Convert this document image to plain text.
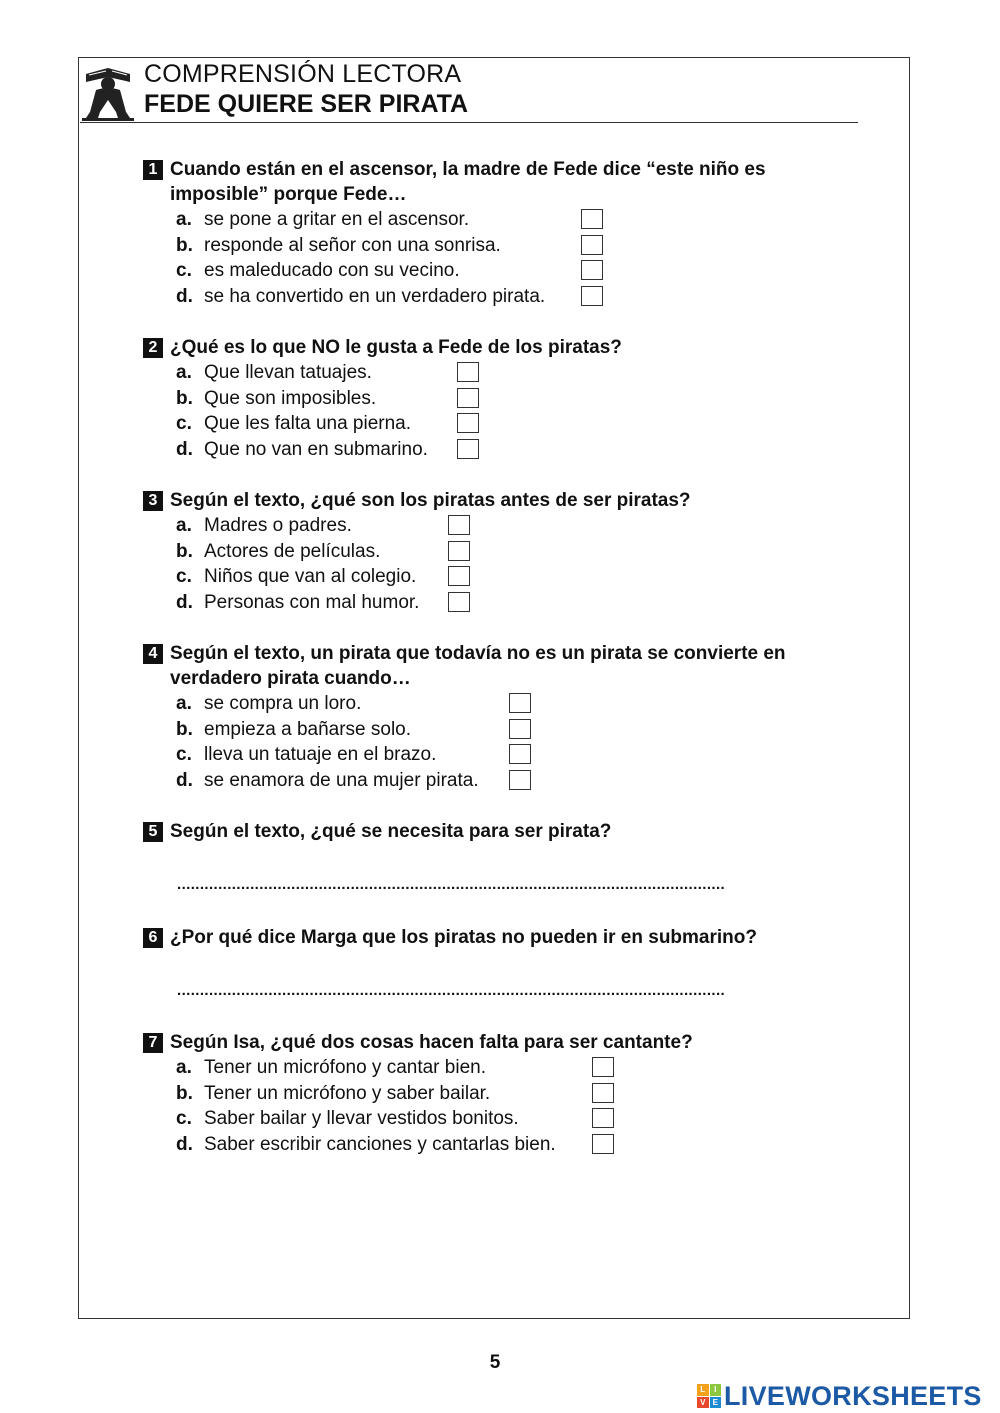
COMPRENSIÓN LECTORA
FEDE QUIERE SER PIRATA
1 Cuando están en el ascensor, la madre de Fede dice “este niño es imposible” porque Fede…
a. se pone a gritar en el ascensor.
b. responde al señor con una sonrisa.
c. es maleducado con su vecino.
d. se ha convertido en un verdadero pirata.
2 ¿Qué es lo que NO le gusta a Fede de los piratas?
a. Que llevan tatuajes.
b. Que son imposibles.
c. Que les falta una pierna.
d. Que no van en submarino.
3 Según el texto, ¿qué son los piratas antes de ser piratas?
a. Madres o padres.
b. Actores de películas.
c. Niños que van al colegio.
d. Personas con mal humor.
4 Según el texto, un pirata que todavía no es un pirata se convierte en verdadero pirata cuando…
a. se compra un loro.
b. empieza a bañarse solo.
c. lleva un tatuaje en el brazo.
d. se enamora de una mujer pirata.
5 Según el texto, ¿qué se necesita para ser pirata?
........................................................................................................................
6 ¿Por qué dice Marga que los piratas no pueden ir en submarino?
........................................................................................................................
7 Según Isa, ¿qué dos cosas hacen falta para ser cantante?
a. Tener un micrófono y cantar bien.
b. Tener un micrófono y saber bailar.
c. Saber bailar y llevar vestidos bonitos.
d. Saber escribir canciones y cantarlas bien.
5
L	I
V E LIVEWORKSHEETS
